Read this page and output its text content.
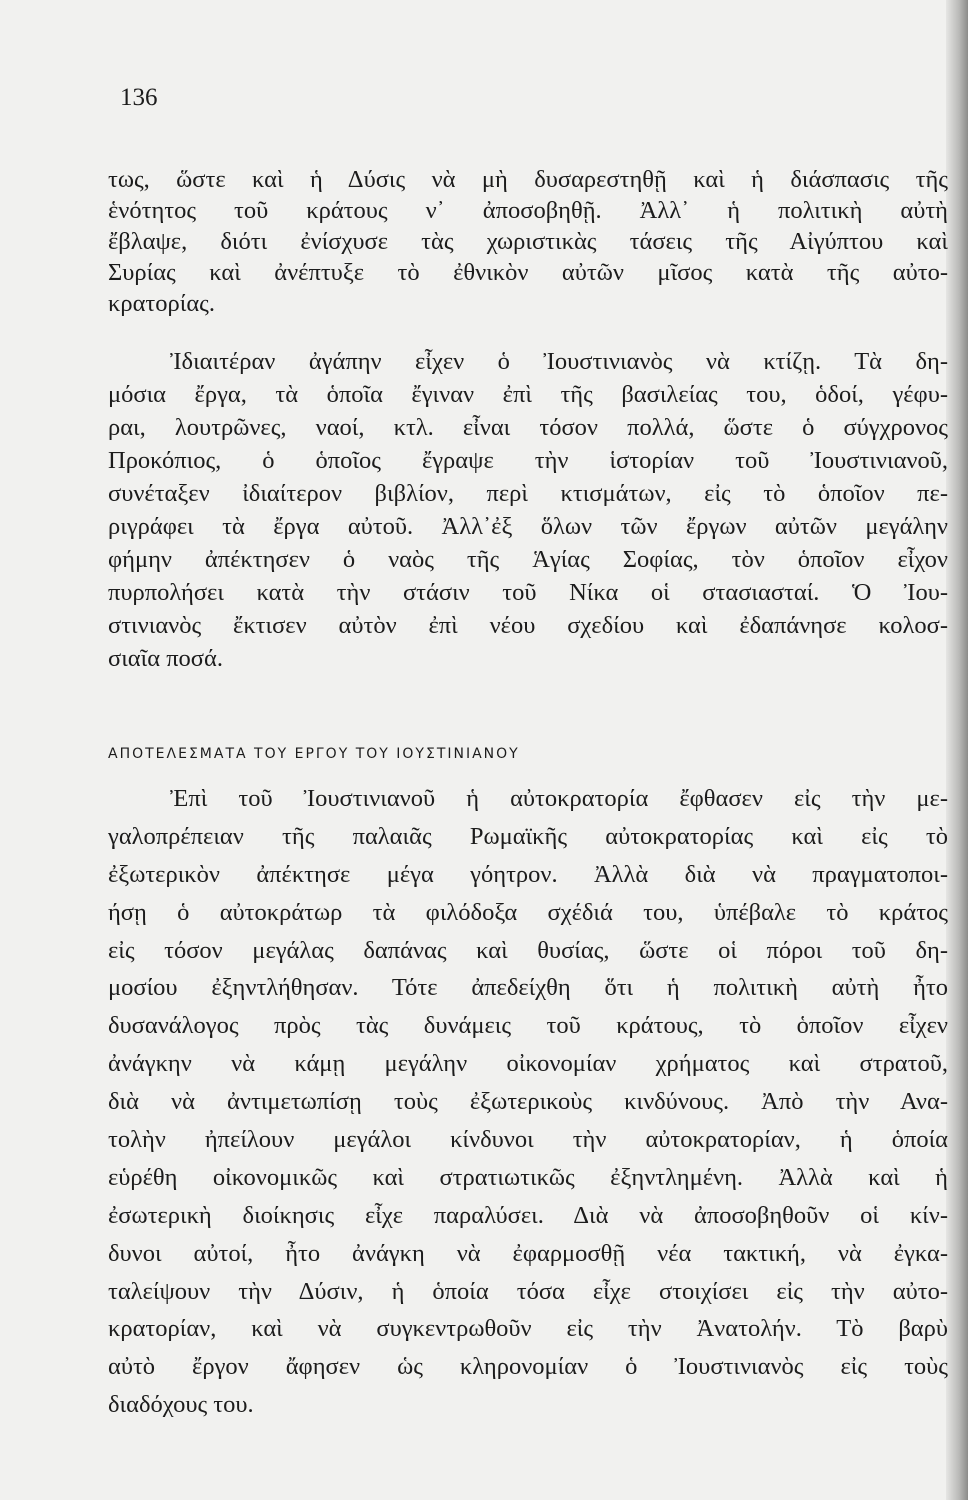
136
τως, ὥστε καὶ ἡ Δύσις νὰ μὴ δυσαρεστηθῇ καὶ ἡ διάσπασις τῆς
ἑνότητος τοῦ κράτους ν᾿ ἀποσοβηθῇ. Ἀλλ᾿ ἡ πολιτικὴ αὐτὴ
ἔβλαψε, διότι ἐνίσχυσε τὰς χωριστικὰς τάσεις τῆς Αἰγύπτου καὶ
Συρίας καὶ ἀνέπτυξε τὸ ἐθνικὸν αὐτῶν μῖσος κατὰ τῆς αὐτο-
κρατορίας.
Ἰδιαιτέραν ἀγάπην εἶχεν ὁ Ἰουστινιανὸς νὰ κτίζῃ. Τὰ δη-
μόσια ἔργα, τὰ ὁποῖα ἔγιναν ἐπὶ τῆς βασιλείας του, ὁδοί, γέφυ-
ραι, λουτρῶνες, ναοί, κτλ. εἶναι τόσον πολλά, ὥστε ὁ σύγχρονος
Προκόπιος, ὁ ὁποῖος ἔγραψε τὴν ἱστορίαν τοῦ Ἰουστινιανοῦ,
συνέταξεν ἰδιαίτερον βιβλίον, περὶ κτισμάτων, εἰς τὸ ὁποῖον πε-
ριγράφει τὰ ἔργα αὐτοῦ. Ἀλλ᾿ἐξ ὅλων τῶν ἔργων αὐτῶν μεγάλην
φήμην ἀπέκτησεν ὁ ναὸς τῆς Ἁγίας Σοφίας, τὸν ὁποῖον εἶχον
πυρπολήσει κατὰ τὴν στάσιν τοῦ Νίκα οἱ στασιασταί. Ὁ Ἰου-
στινιανὸς ἔκτισεν αὐτὸν ἐπὶ νέου σχεδίου καὶ ἐδαπάνησε κολοσ-
σιαῖα ποσά.
ΑΠΟΤΕΛΕΣΜΑΤΑ ΤΟΥ ΕΡΓΟΥ ΤΟΥ ΙΟΥΣΤΙΝΙΑΝΟΥ
Ἐπὶ τοῦ Ἰουστινιανοῦ ἡ αὐτοκρατορία ἔφθασεν εἰς τὴν με-
γαλοπρέπειαν τῆς παλαιᾶς Ρωμαϊκῆς αὐτοκρατορίας καὶ εἰς τὸ
ἐξωτερικὸν ἀπέκτησε μέγα γόητρον. Ἀλλὰ διὰ νὰ πραγματοποι-
ήσῃ ὁ αὐτοκράτωρ τὰ φιλόδοξα σχέδιά του, ὑπέβαλε τὸ κράτος
εἰς τόσον μεγάλας δαπάνας καὶ θυσίας, ὥστε οἱ πόροι τοῦ δη-
μοσίου ἐξηντλήθησαν. Τότε ἀπεδείχθη ὅτι ἡ πολιτικὴ αὐτὴ ἦτο
δυσανάλογος πρὸς τὰς δυνάμεις τοῦ κράτους, τὸ ὁποῖον εἶχεν
ἀνάγκην νὰ κάμῃ μεγάλην οἰκονομίαν χρήματος καὶ στρατοῦ,
διὰ νὰ ἀντιμετωπίσῃ τοὺς ἐξωτερικοὺς κινδύνους. Ἀπὸ τὴν Ανα-
τολὴν ἠπείλουν μεγάλοι κίνδυνοι τὴν αὐτοκρατορίαν, ἡ ὁποία
εὑρέθη οἰκονομικῶς καὶ στρατιωτικῶς ἐξηντλημένη. Ἀλλὰ καὶ ἡ
ἐσωτερικὴ διοίκησις εἶχε παραλύσει. Διὰ νὰ ἀποσοβηθοῦν οἱ κίν-
δυνοι αὐτοί, ἦτο ἀνάγκη νὰ ἐφαρμοσθῇ νέα τακτική, νὰ ἐγκα-
ταλείψουν τὴν Δύσιν, ἡ ὁποία τόσα εἶχε στοιχίσει εἰς τὴν αὐτο-
κρατορίαν, καὶ νὰ συγκεντρωθοῦν εἰς τὴν Ἀνατολήν. Τὸ βαρὺ
αὐτὸ ἔργον ἄφησεν ὡς κληρονομίαν ὁ Ἰουστινιανὸς εἰς τοὺς
διαδόχους του.
